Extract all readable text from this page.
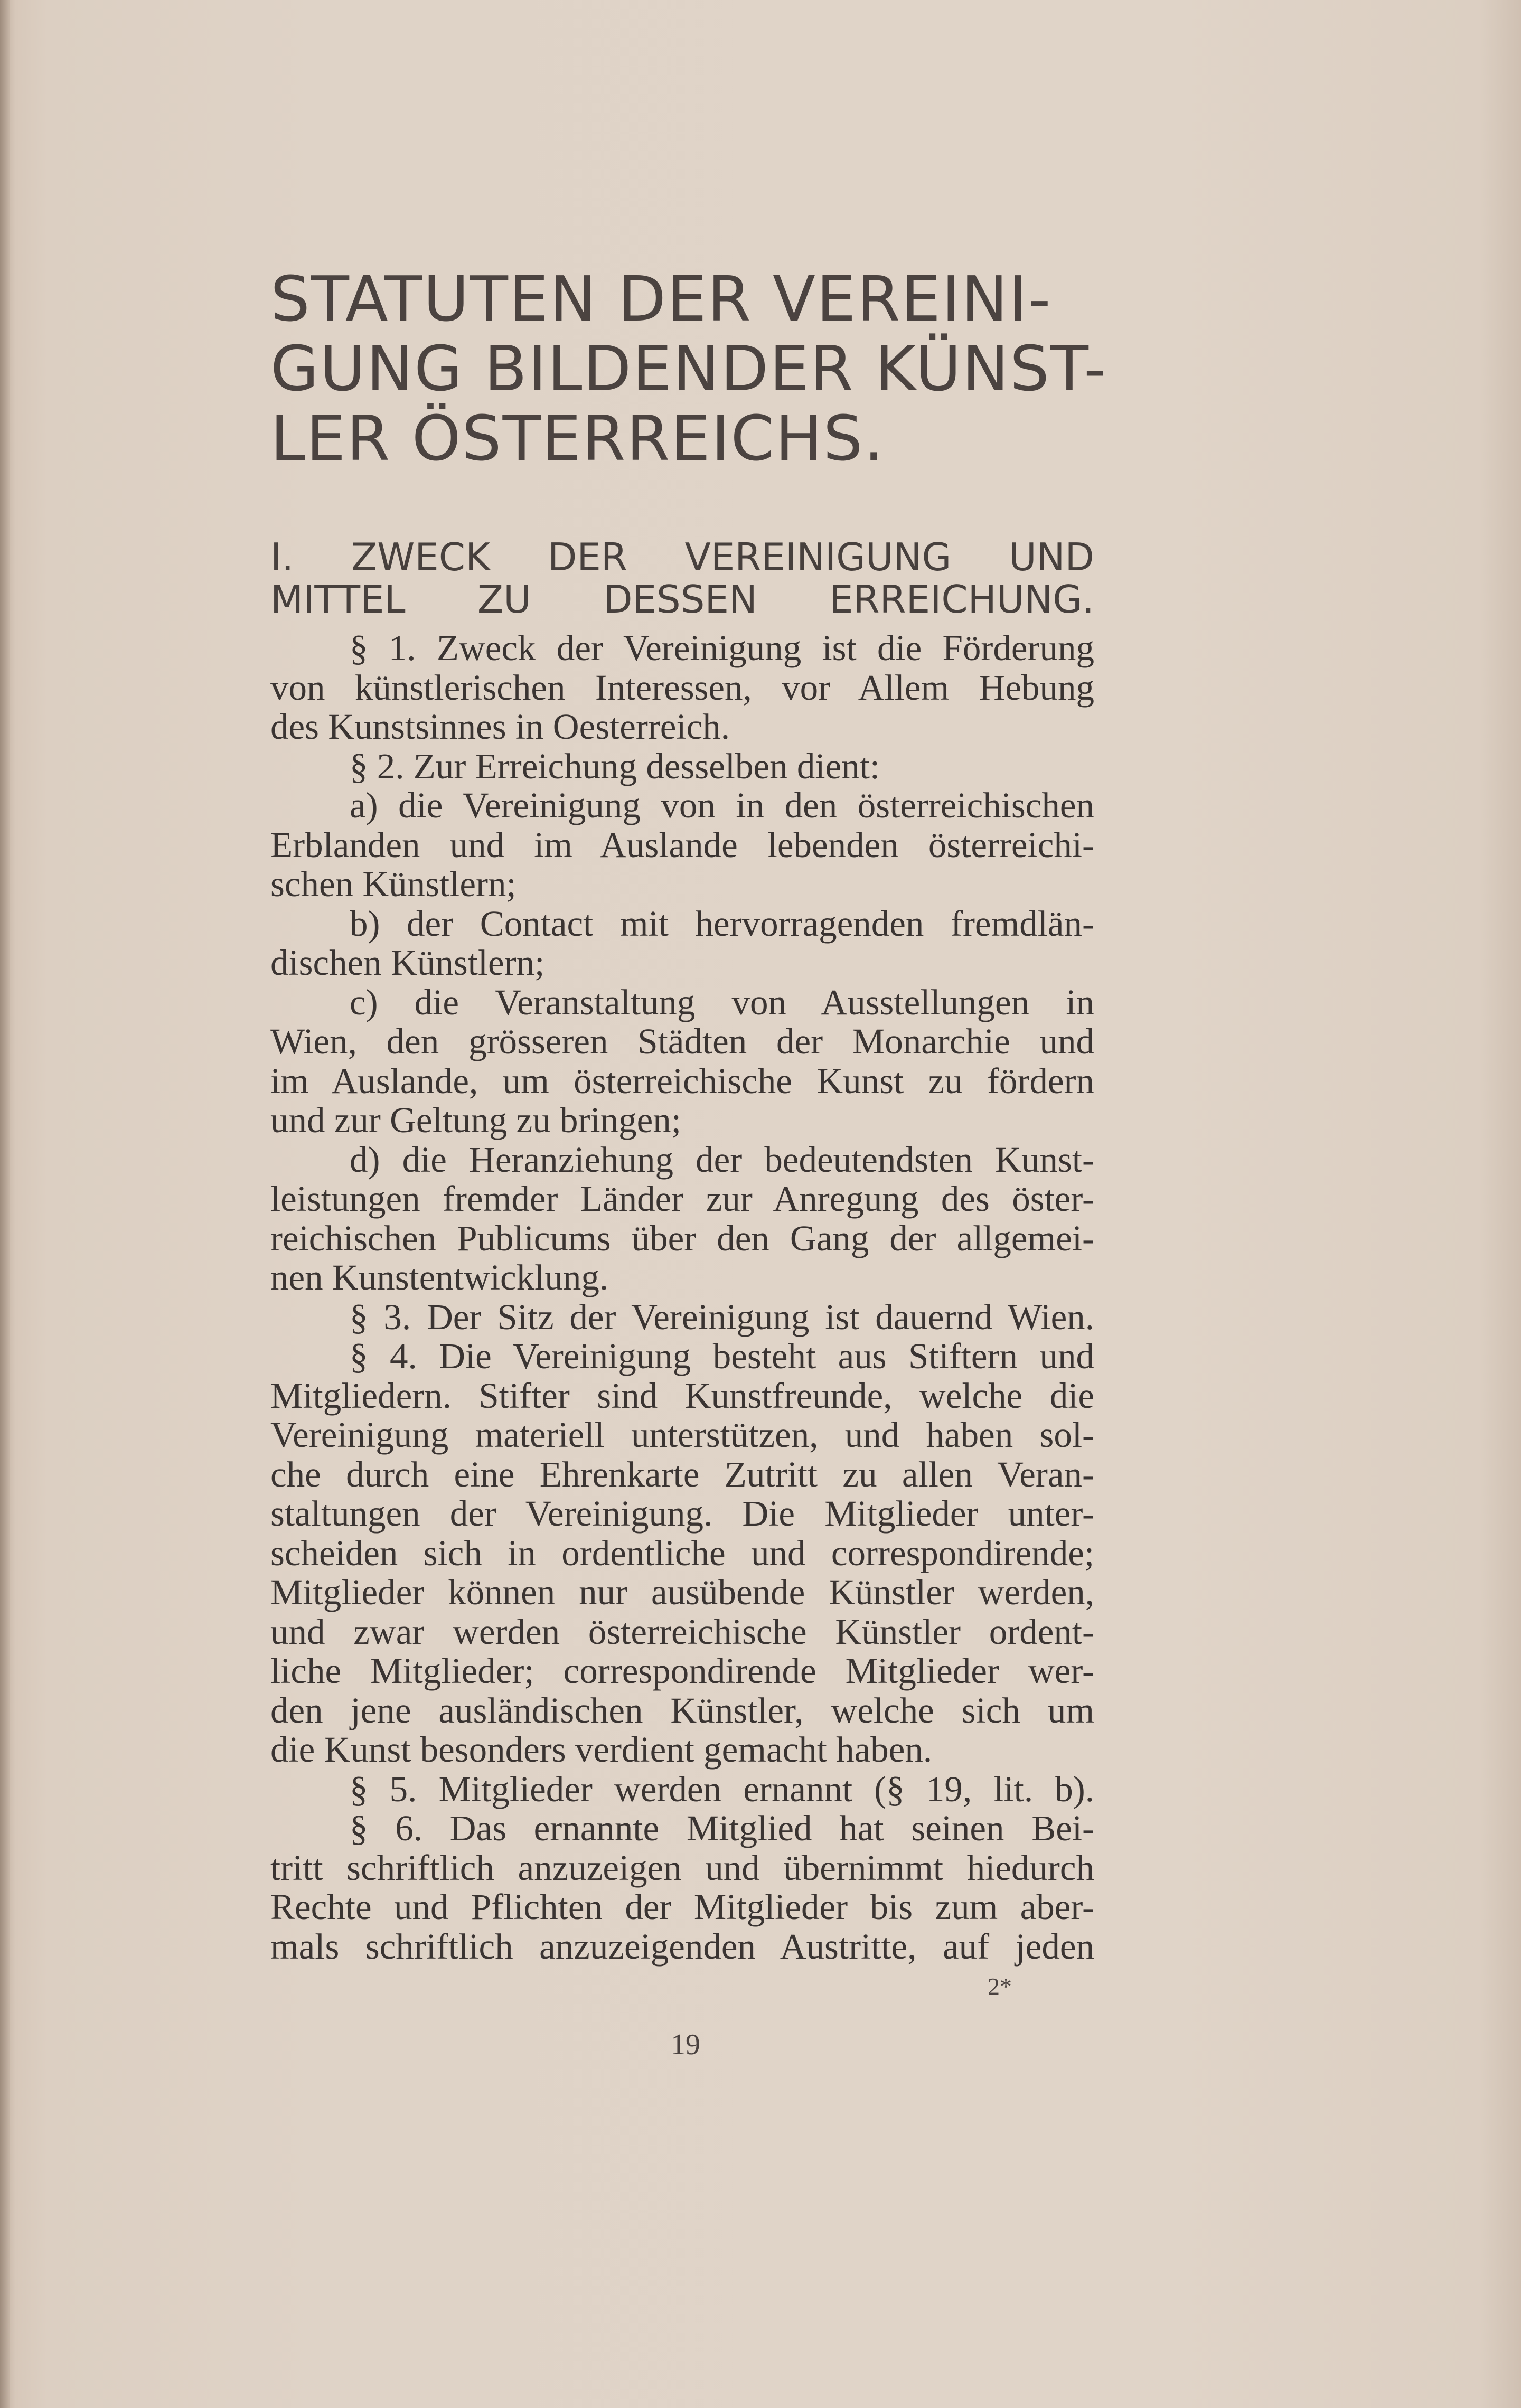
STATUTEN DER VEREINI-
GUNG BILDENDER KÜNST-
LER ÖSTERREICHS.
I. ZWECK DER VEREINIGUNG UND
MITTEL ZU DESSEN ERREICHUNG.
§ 1. Zweck der Vereinigung ist die Förderung
von künstlerischen Interessen, vor Allem Hebung
des Kunstsinnes in Oesterreich.
§ 2. Zur Erreichung desselben dient:
a) die Vereinigung von in den österreichischen
Erblanden und im Auslande lebenden österreichi-
schen Künstlern;
b) der Contact mit hervorragenden fremdlän-
dischen Künstlern;
c) die Veranstaltung von Ausstellungen in
Wien, den grösseren Städten der Monarchie und
im Auslande, um österreichische Kunst zu fördern
und zur Geltung zu bringen;
d) die Heranziehung der bedeutendsten Kunst-
leistungen fremder Länder zur Anregung des öster-
reichischen Publicums über den Gang der allgemei-
nen Kunstentwicklung.
§ 3. Der Sitz der Vereinigung ist dauernd Wien.
§ 4. Die Vereinigung besteht aus Stiftern und
Mitgliedern. Stifter sind Kunstfreunde, welche die
Vereinigung materiell unterstützen, und haben sol-
che durch eine Ehrenkarte Zutritt zu allen Veran-
staltungen der Vereinigung. Die Mitglieder unter-
scheiden sich in ordentliche und correspondirende;
Mitglieder können nur ausübende Künstler werden,
und zwar werden österreichische Künstler ordent-
liche Mitglieder; correspondirende Mitglieder wer-
den jene ausländischen Künstler, welche sich um
die Kunst besonders verdient gemacht haben.
§ 5. Mitglieder werden ernannt (§ 19, lit. b).
§ 6. Das ernannte Mitglied hat seinen Bei-
tritt schriftlich anzuzeigen und übernimmt hiedurch
Rechte und Pflichten der Mitglieder bis zum aber-
mals schriftlich anzuzeigenden Austritte, auf jeden
2*
19
